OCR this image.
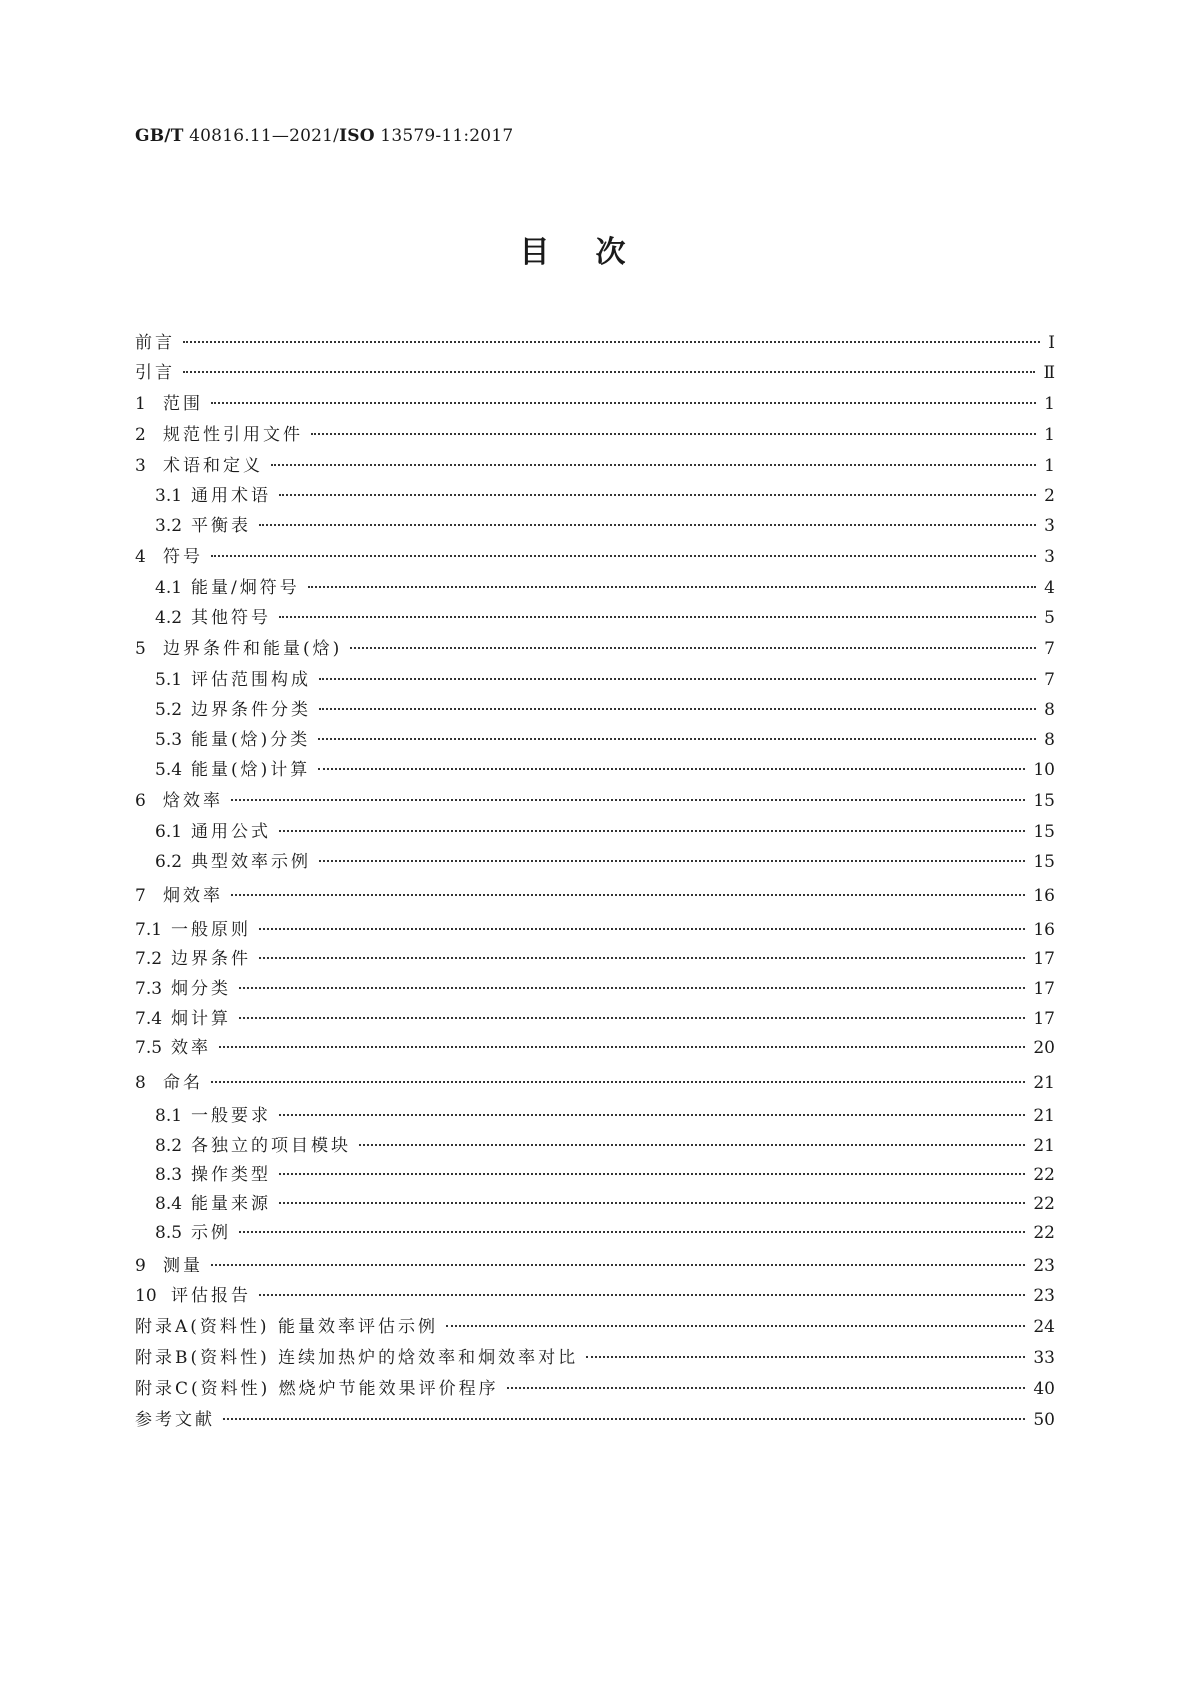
GB/T 40816.11—2021/ISO 13579-11:2017
目次
前言	Ⅰ
引言	Ⅱ
1 范围	1
2 规范性引用文件	1
3 术语和定义	1
3.1 通用术语	2
3.2 平衡表	3
4 符号	3
4.1 能量/炯符号	4
4.2 其他符号	5
5 边界条件和能量(焓)	7
5.1 评估范围构成	7
5.2 边界条件分类	8
5.3 能量(焓)分类	8
5.4 能量(焓)计算	10
6 焓效率	15
6.1 通用公式	15
6.2 典型效率示例	15
7 炯效率	16
7.1 一般原则	16
7.2 边界条件	17
7.3 炯分类	17
7.4 炯计算	17
7.5 效率	20
8 命名	21
8.1 一般要求	21
8.2 各独立的项目模块	21
8.3 操作类型	22
8.4 能量来源	22
8.5 示例	22
9 测量	23
10 评估报告	23
附录A(资料性) 能量效率评估示例	24
附录B(资料性) 连续加热炉的焓效率和炯效率对比	33
附录C(资料性) 燃烧炉节能效果评价程序	40
参考文献	50
